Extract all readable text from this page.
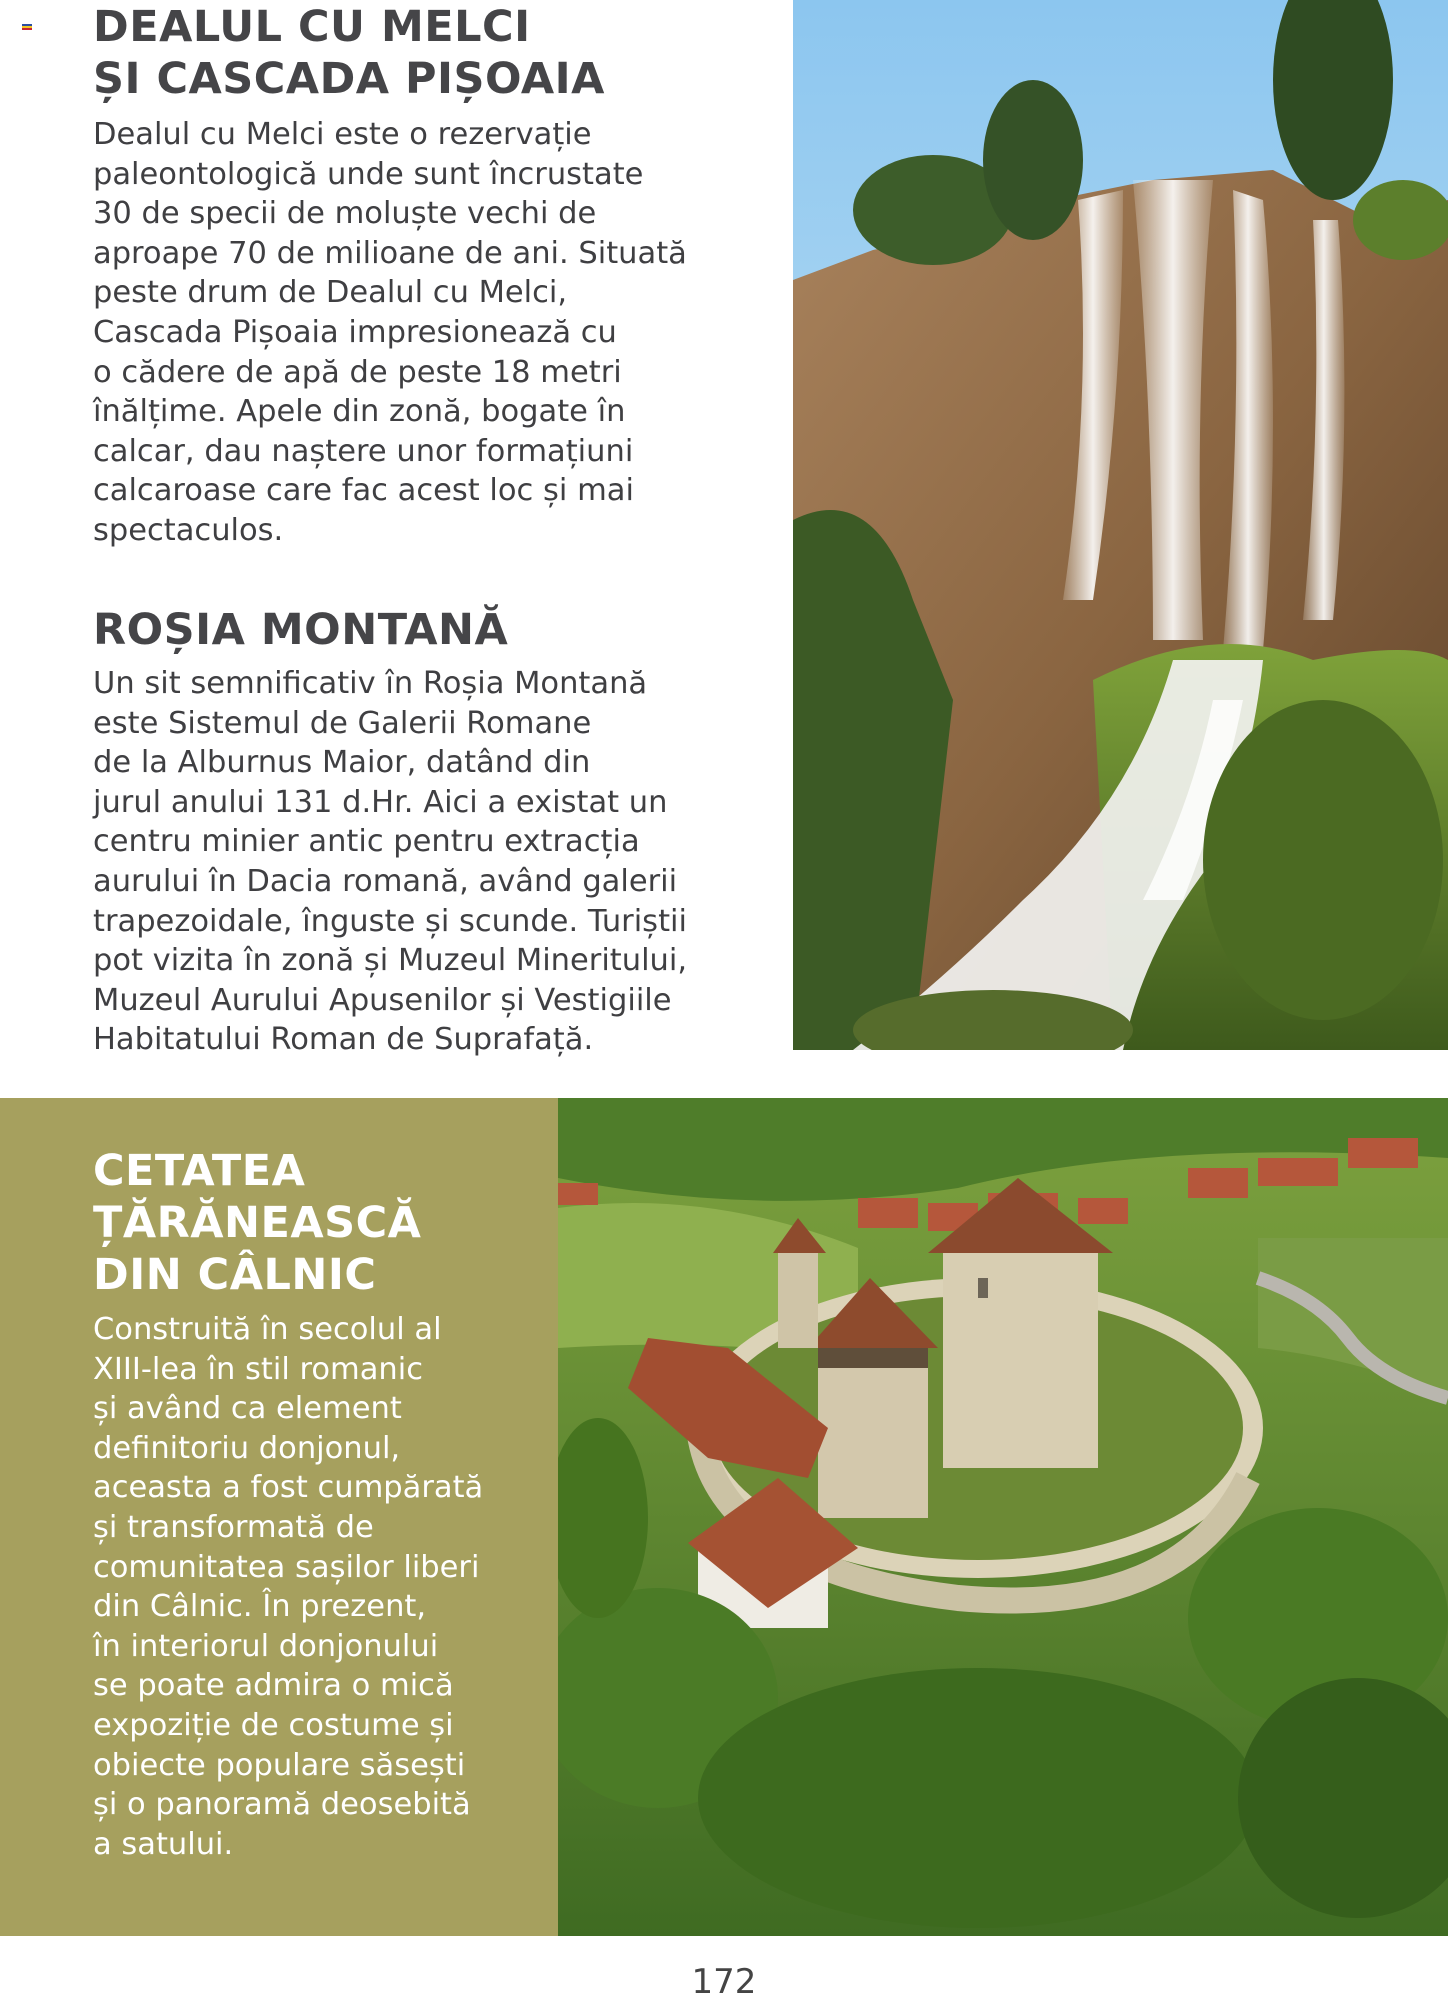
DEALUL CU MELCI
ȘI CASCADA PIȘOAIA
Dealul cu Melci este o rezervație
paleontologică unde sunt încrustate
30 de specii de moluște vechi de
aproape 70 de milioane de ani. Situată
peste drum de Dealul cu Melci,
Cascada Pișoaia impresionează cu
o cădere de apă de peste 18 metri
înălțime. Apele din zonă, bogate în
calcar, dau naștere unor formațiuni
calcaroase care fac acest loc și mai
spectaculos.
ROȘIA MONTANĂ
Un sit semnificativ în Roșia Montană
este Sistemul de Galerii Romane
de la Alburnus Maior, datând din
jurul anului 131 d.Hr. Aici a existat un
centru minier antic pentru extracția
aurului în Dacia romană, având galerii
trapezoidale, înguste și scunde. Turiștii
pot vizita în zonă și Muzeul Mineritului,
Muzeul Aurului Apusenilor și Vestigiile
Habitatului Roman de Suprafață.
CETATEA
ȚĂRĂNEASCĂ
DIN CÂLNIC
Construită în secolul al
XIII-lea în stil romanic
și având ca element
definitoriu donjonul,
aceasta a fost cumpărată
și transformată de
comunitatea sașilor liberi
din Câlnic. În prezent,
în interiorul donjonului
se poate admira o mică
expoziție de costume și
obiecte populare săsești
și o panoramă deosebită
a satului.
172
